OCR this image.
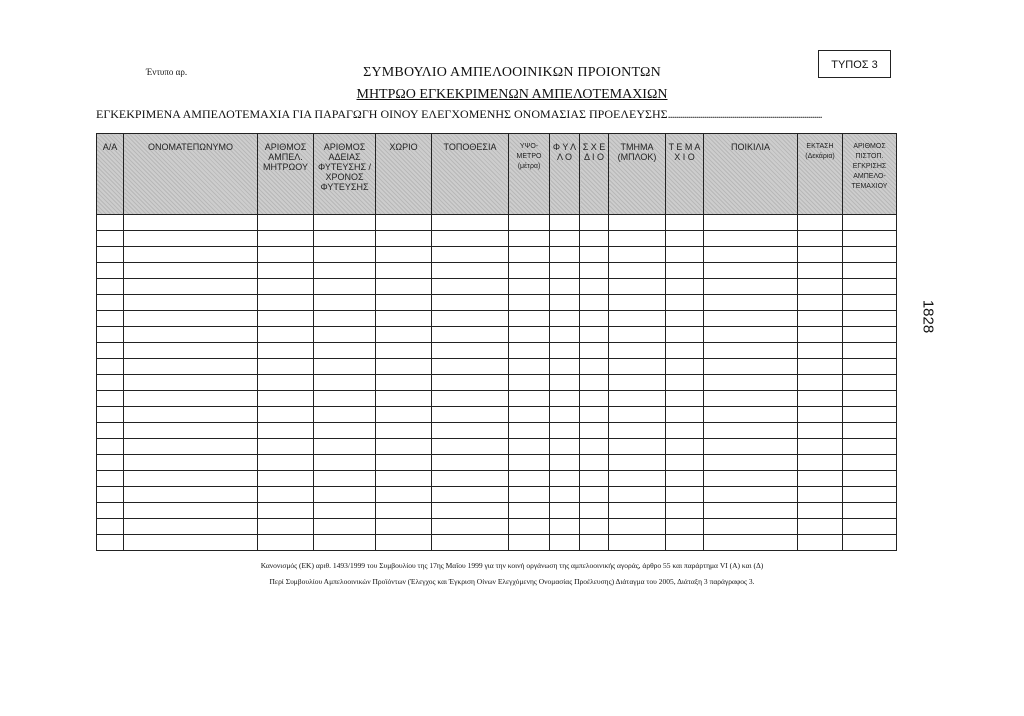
Έντυπο αρ.
ΤΥΠΟΣ 3
ΣΥΜΒΟΥΛΙΟ ΑΜΠΕΛΟΟΙΝΙΚΩΝ ΠΡΟΙΟΝΤΩΝ
ΜΗΤΡΩΟ ΕΓΚΕΚΡΙΜΕΝΩΝ ΑΜΠΕΛΟΤΕΜΑΧΙΩΝ
ΕΓΚΕΚΡΙΜΕΝΑ ΑΜΠΕΛΟΤΕΜΑΧΙΑ ΓΙΑ ΠΑΡΑΓΩΓΗ ΟΙΝΟΥ ΕΛΕΓΧΟΜΕΝΗΣ ΟΝΟΜΑΣΙΑΣ ΠΡΟΕΛΕΥΣΗΣ.............................................................................
Α/Α	ΟΝΟΜΑΤΕΠΩΝΥΜΟ	ΑΡΙΘΜΟΣ ΑΜΠΕΛ. ΜΗΤΡΩΟΥ	ΑΡΙΘΜΟΣ ΑΔΕΙΑΣ ΦΥΤΕΥΣΗΣ / ΧΡΟΝΟΣ ΦΥΤΕΥΣΗΣ	ΧΩΡΙΟ	ΤΟΠΟΘΕΣΙΑ	ΥΨΟ-ΜΕΤΡΟ (μέτρα)	Φ Υ Λ Λ Ο	Σ Χ Ε Δ Ι Ο	ΤΜΗΜΑ (ΜΠΛΟΚ)	Τ Ε Μ Α Χ Ι Ο	ΠΟΙΚΙΛΙΑ	ΕΚΤΑΣΗ (Δεκάρια)	ΑΡΙΘΜΟΣ ΠΙΣΤΟΠ. ΕΓΚΡΙΣΗΣ ΑΜΠΕΛΟ-ΤΕΜΑΧΙΟΥ

1828
Κανονισμός (ΕΚ) αριθ. 1493/1999 του Συμβουλίου της 17ης Μαΐου 1999 για την κοινή οργάνωση της αμπελοοινικής αγοράς, άρθρο 55 και παράρτημα VI (Α) και (Δ)
Περί Συμβουλίου Αμπελοοινικών Προϊόντων (Έλεγχος και Έγκριση Οίνων Ελεγχόμενης Ονομασίας Προέλευσης) Διάταγμα του 2005, Διάταξη 3 παράγραφος 3.
